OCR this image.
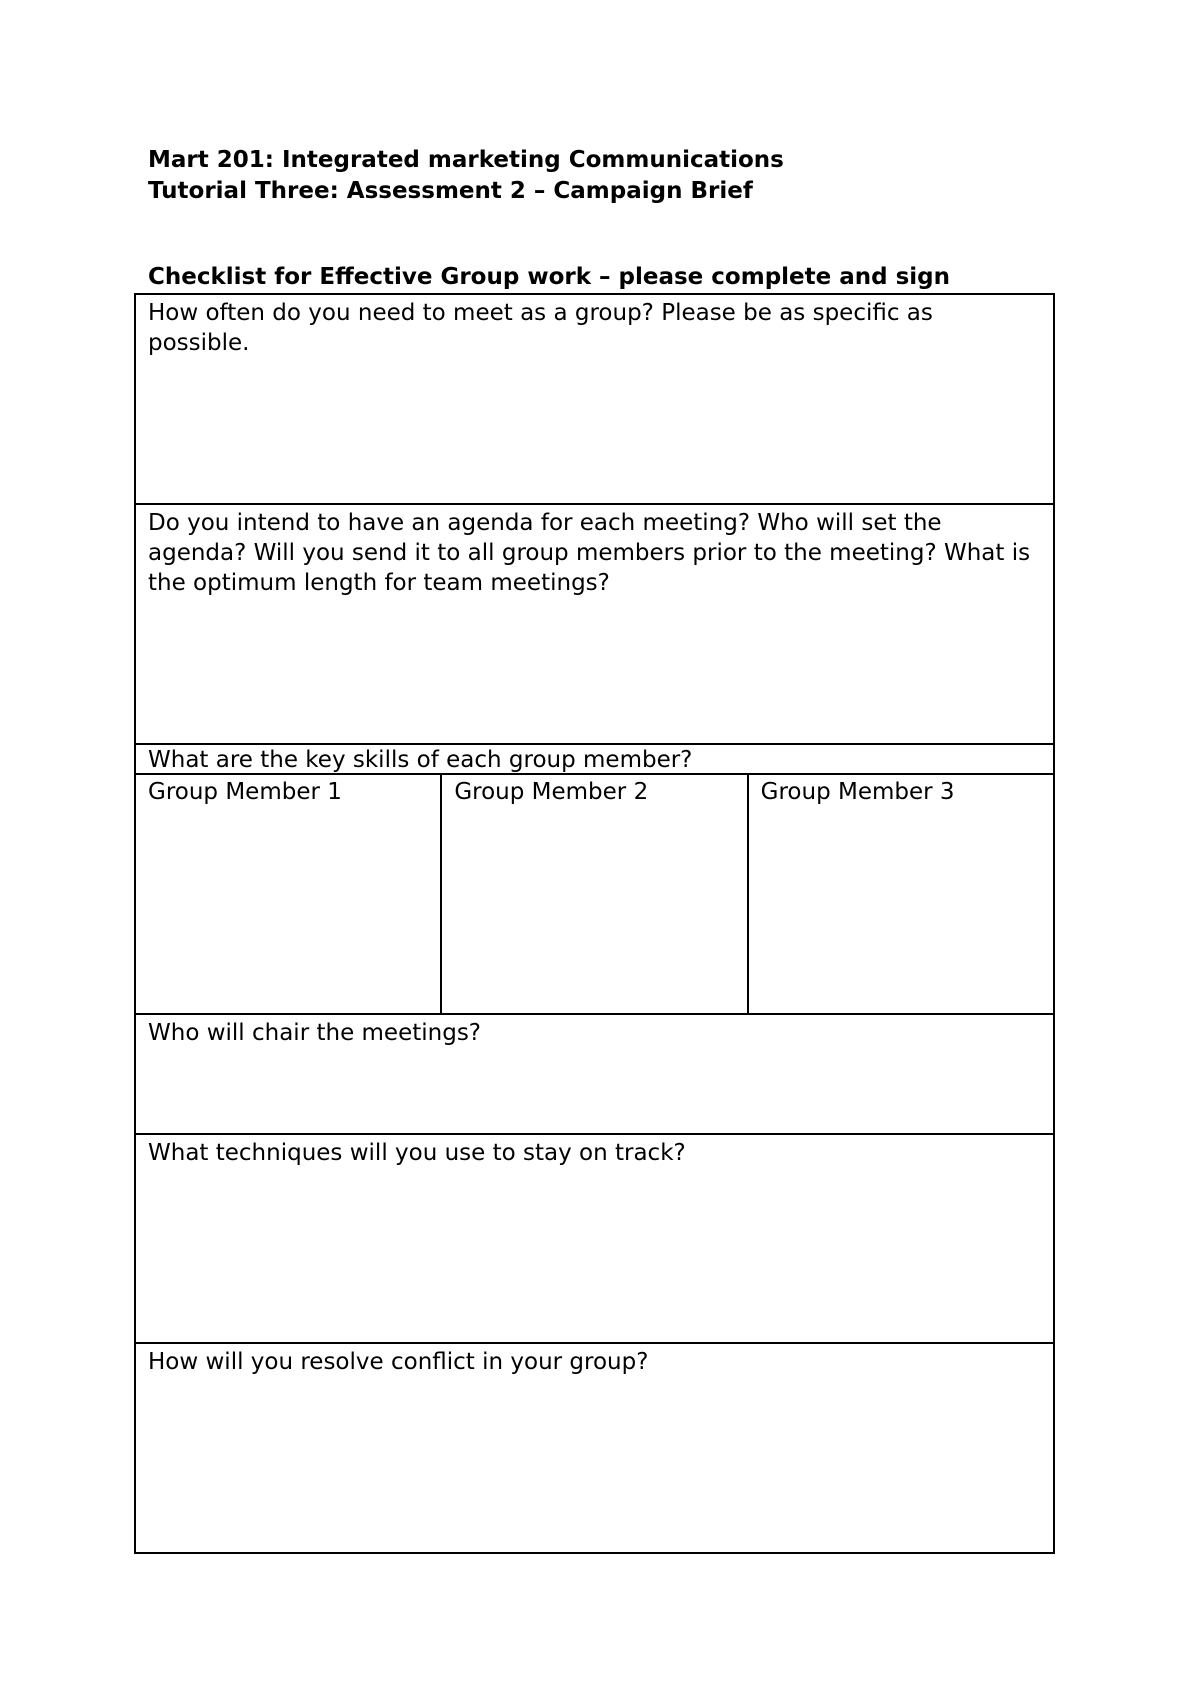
Mart 201: Integrated marketing Communications
Tutorial Three: Assessment 2 – Campaign Brief
Checklist for Effective Group work – please complete and sign
How often do you need to meet as a group? Please be as specific as possible.
Do you intend to have an agenda for each meeting? Who will set the agenda? Will you send it to all group members prior to the meeting? What is the optimum length for team meetings?
What are the key skills of each group member?
Group Member 1	Group Member 2	Group Member 3
Who will chair the meetings?
What techniques will you use to stay on track?
How will you resolve conflict in your group?
